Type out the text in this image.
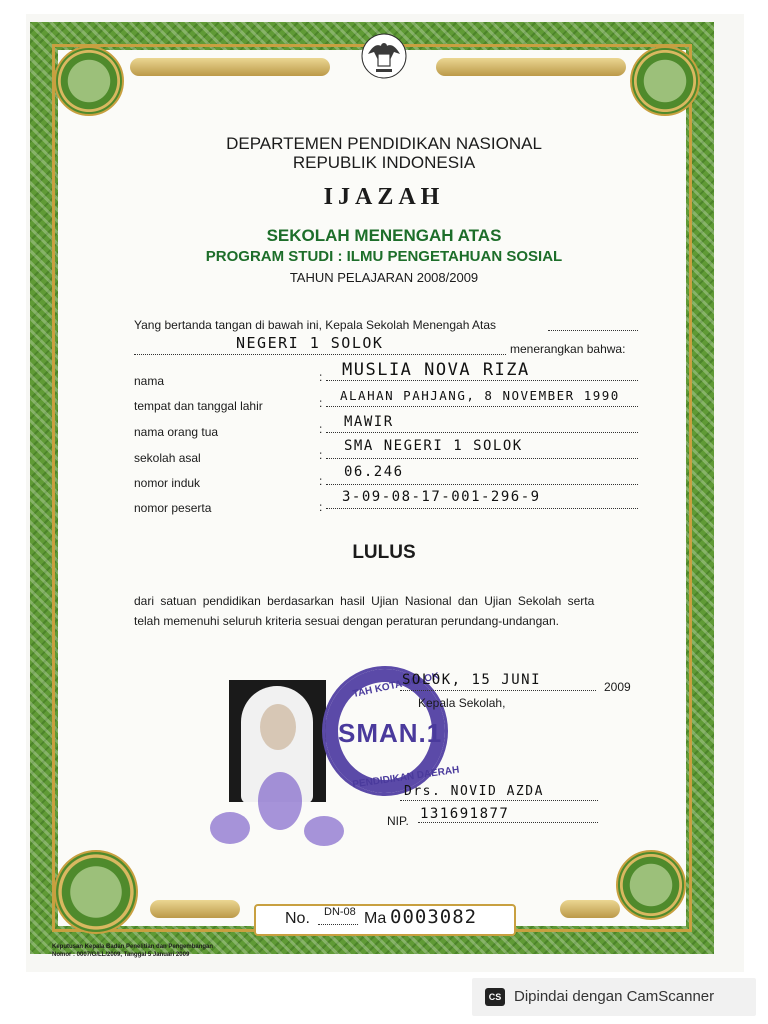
DEPARTEMEN PENDIDIKAN NASIONAL
REPUBLIK INDONESIA
IJAZAH
SEKOLAH MENENGAH ATAS
PROGRAM STUDI : ILMU PENGETAHUAN SOSIAL
TAHUN PELAJARAN 2008/2009
Yang bertanda tangan di bawah ini, Kepala Sekolah Menengah Atas
NEGERI 1 SOLOK	menerangkan bahwa:
nama	: MUSLIA NOVA RIZA
tempat dan tanggal lahir	: ALAHAN PAHJANG, 8 NOVEMBER 1990
nama orang tua	: MAWIR
sekolah asal	:
SMA NEGERI 1 SOLOK
nomor induk	:
06.246
nomor peserta	:
3-09-08-17-001-296-9
LULUS
dari satuan pendidikan berdasarkan hasil Ujian Nasional dan Ujian Sekolah serta
telah memenuhi seluruh kriteria sesuai dengan peraturan perundang-undangan.
TAH KOTA SOLOK
SMAN.1
PENDIDIKAN DAERAH
SOLOK, 15 JUNI	2009
Kepala Sekolah,
Drs. NOVID AZDA
NIP. 131691877
No. DN-08 Ma 0003082
Keputusan Kepala Badan Penelitian dan Pengembangan
Nomor : 0007/G/LL/2009, Tanggal 5 Januari 2009
CS Dipindai dengan CamScanner
